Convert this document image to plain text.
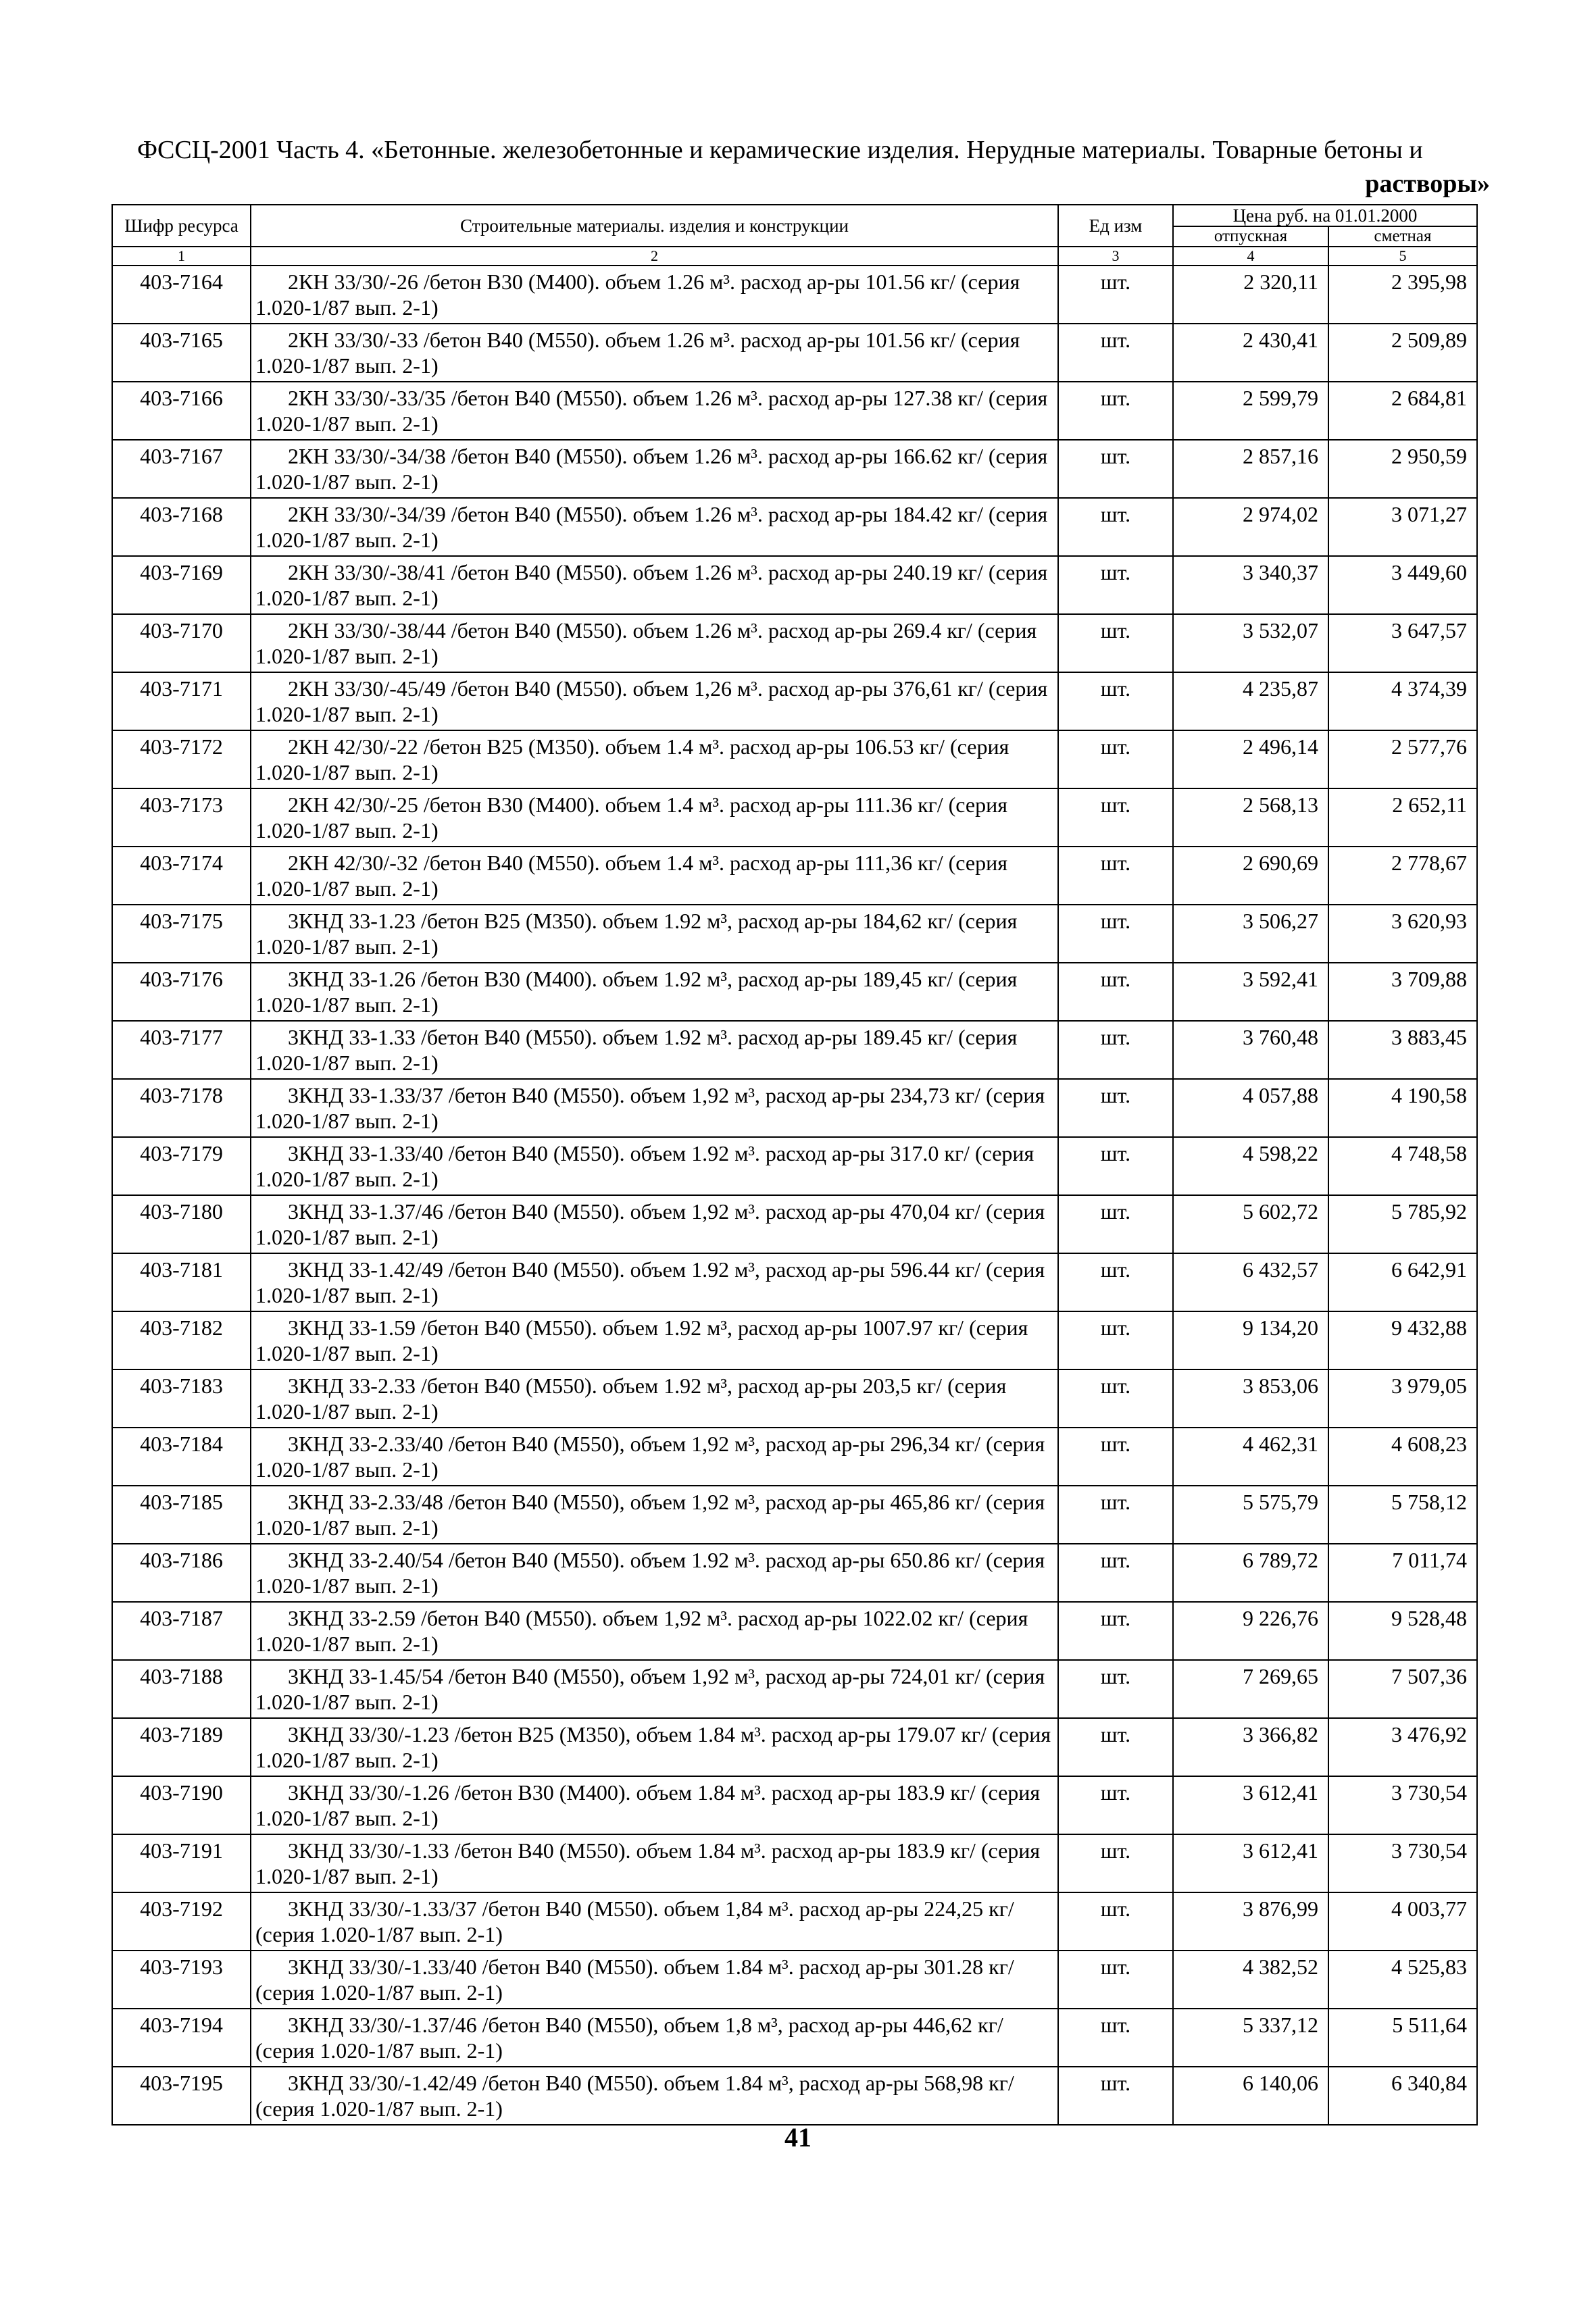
ФССЦ-2001 Часть 4. «Бетонные. железобетонные и керамические изделия. Нерудные материалы. Товарные бетоны и
растворы»
Шифр ресурса	Строительные материалы. изделия и конструкции	Ед изм	Цена руб. на 01.01.2000	
			отпускная	сметная
1	2	3	4	5
403-7164	2КН 33/30/-26 /бетон В30 (М400). объем 1.26 м³. расход ар-ры 101.56 кг/ (серия 1.020-1/87 вып. 2-1)	шт.	2 320,11	2 395,98
403-7165	2КН 33/30/-33 /бетон В40 (М550). объем 1.26 м³. расход ар-ры 101.56 кг/ (серия 1.020-1/87 вып. 2-1)	шт.	2 430,41	2 509,89
403-7166	2КН 33/30/-33/35 /бетон В40 (М550). объем 1.26 м³. расход ар-ры 127.38 кг/ (серия 1.020-1/87 вып. 2-1)	шт.	2 599,79	2 684,81
403-7167	2КН 33/30/-34/38 /бетон В40 (М550). объем 1.26 м³. расход ар-ры 166.62 кг/ (серия 1.020-1/87 вып. 2-1)	шт.	2 857,16	2 950,59
403-7168	2КН 33/30/-34/39 /бетон В40 (М550). объем 1.26 м³. расход ар-ры 184.42 кг/ (серия 1.020-1/87 вып. 2-1)	шт.	2 974,02	3 071,27
403-7169	2КН 33/30/-38/41 /бетон В40 (М550). объем 1.26 м³. расход ар-ры 240.19 кг/ (серия 1.020-1/87 вып. 2-1)	шт.	3 340,37	3 449,60
403-7170	2КН 33/30/-38/44 /бетон В40 (М550). объем 1.26 м³. расход ар-ры 269.4 кг/ (серия 1.020-1/87 вып. 2-1)	шт.	3 532,07	3 647,57
403-7171	2КН 33/30/-45/49 /бетон В40 (М550). объем 1,26 м³. расход ар-ры 376,61 кг/ (серия 1.020-1/87 вып. 2-1)	шт.	4 235,87	4 374,39
403-7172	2КН 42/30/-22 /бетон В25 (М350). объем 1.4 м³. расход ар-ры 106.53 кг/ (серия 1.020-1/87 вып. 2-1)	шт.	2 496,14	2 577,76
403-7173	2КН 42/30/-25 /бетон В30 (М400). объем 1.4 м³. расход ар-ры 111.36 кг/ (серия 1.020-1/87 вып. 2-1)	шт.	2 568,13	2 652,11
403-7174	2КН 42/30/-32 /бетон В40 (М550). объем 1.4 м³. расход ар-ры 111,36 кг/ (серия 1.020-1/87 вып. 2-1)	шт.	2 690,69	2 778,67
403-7175	3КНД 33-1.23 /бетон В25 (М350). объем 1.92 м³, расход ар-ры 184,62 кг/ (серия 1.020-1/87 вып. 2-1)	шт.	3 506,27	3 620,93
403-7176	3КНД 33-1.26 /бетон В30 (М400). объем 1.92 м³, расход ар-ры 189,45 кг/ (серия 1.020-1/87 вып. 2-1)	шт.	3 592,41	3 709,88
403-7177	3КНД 33-1.33 /бетон В40 (М550). объем 1.92 м³. расход ар-ры 189.45 кг/ (серия 1.020-1/87 вып. 2-1)	шт.	3 760,48	3 883,45
403-7178	3КНД 33-1.33/37 /бетон В40 (М550). объем 1,92 м³, расход ар-ры 234,73 кг/ (серия 1.020-1/87 вып. 2-1)	шт.	4 057,88	4 190,58
403-7179	3КНД 33-1.33/40 /бетон В40 (М550). объем 1.92 м³. расход ар-ры 317.0 кг/ (серия 1.020-1/87 вып. 2-1)	шт.	4 598,22	4 748,58
403-7180	3КНД 33-1.37/46 /бетон В40 (М550). объем 1,92 м³. расход ар-ры 470,04 кг/ (серия 1.020-1/87 вып. 2-1)	шт.	5 602,72	5 785,92
403-7181	3КНД 33-1.42/49 /бетон В40 (М550). объем 1.92 м³, расход ар-ры 596.44 кг/ (серия 1.020-1/87 вып. 2-1)	шт.	6 432,57	6 642,91
403-7182	3КНД 33-1.59 /бетон В40 (М550). объем 1.92 м³, расход ар-ры 1007.97 кг/ (серия 1.020-1/87 вып. 2-1)	шт.	9 134,20	9 432,88
403-7183	3КНД 33-2.33 /бетон В40 (М550). объем 1.92 м³, расход ар-ры 203,5 кг/ (серия 1.020-1/87 вып. 2-1)	шт.	3 853,06	3 979,05
403-7184	3КНД 33-2.33/40 /бетон В40 (М550), объем 1,92 м³, расход ар-ры 296,34 кг/ (серия 1.020-1/87 вып. 2-1)	шт.	4 462,31	4 608,23
403-7185	3КНД 33-2.33/48 /бетон В40 (М550), объем 1,92 м³, расход ар-ры 465,86 кг/ (серия 1.020-1/87 вып. 2-1)	шт.	5 575,79	5 758,12
403-7186	3КНД 33-2.40/54 /бетон В40 (М550). объем 1.92 м³. расход ар-ры 650.86 кг/ (серия 1.020-1/87 вып. 2-1)	шт.	6 789,72	7 011,74
403-7187	3КНД 33-2.59 /бетон В40 (М550). объем 1,92 м³. расход ар-ры 1022.02 кг/ (серия 1.020-1/87 вып. 2-1)	шт.	9 226,76	9 528,48
403-7188	3КНД 33-1.45/54 /бетон В40 (М550), объем 1,92 м³, расход ар-ры 724,01 кг/ (серия 1.020-1/87 вып. 2-1)	шт.	7 269,65	7 507,36
403-7189	3КНД 33/30/-1.23 /бетон В25 (М350), объем 1.84 м³. расход ар-ры 179.07 кг/ (серия 1.020-1/87 вып. 2-1)	шт.	3 366,82	3 476,92
403-7190	3КНД 33/30/-1.26 /бетон В30 (М400). объем 1.84 м³. расход ар-ры 183.9 кг/ (серия 1.020-1/87 вып. 2-1)	шт.	3 612,41	3 730,54
403-7191	3КНД 33/30/-1.33 /бетон В40 (М550). объем 1.84 м³. расход ар-ры 183.9 кг/ (серия 1.020-1/87 вып. 2-1)	шт.	3 612,41	3 730,54
403-7192	3КНД 33/30/-1.33/37 /бетон В40 (М550). объем 1,84 м³. расход ар-ры 224,25 кг/ (серия 1.020-1/87 вып. 2-1)	шт.	3 876,99	4 003,77
403-7193	3КНД 33/30/-1.33/40 /бетон В40 (М550). объем 1.84 м³. расход ар-ры 301.28 кг/ (серия 1.020-1/87 вып. 2-1)	шт.	4 382,52	4 525,83
403-7194	3КНД 33/30/-1.37/46 /бетон В40 (М550), объем 1,8 м³, расход ар-ры 446,62 кг/ (серия 1.020-1/87 вып. 2-1)	шт.	5 337,12	5 511,64
403-7195	3КНД 33/30/-1.42/49 /бетон В40 (М550). объем 1.84 м³, расход ар-ры 568,98 кг/ (серия 1.020-1/87 вып. 2-1)	шт.	6 140,06	6 340,84
41
